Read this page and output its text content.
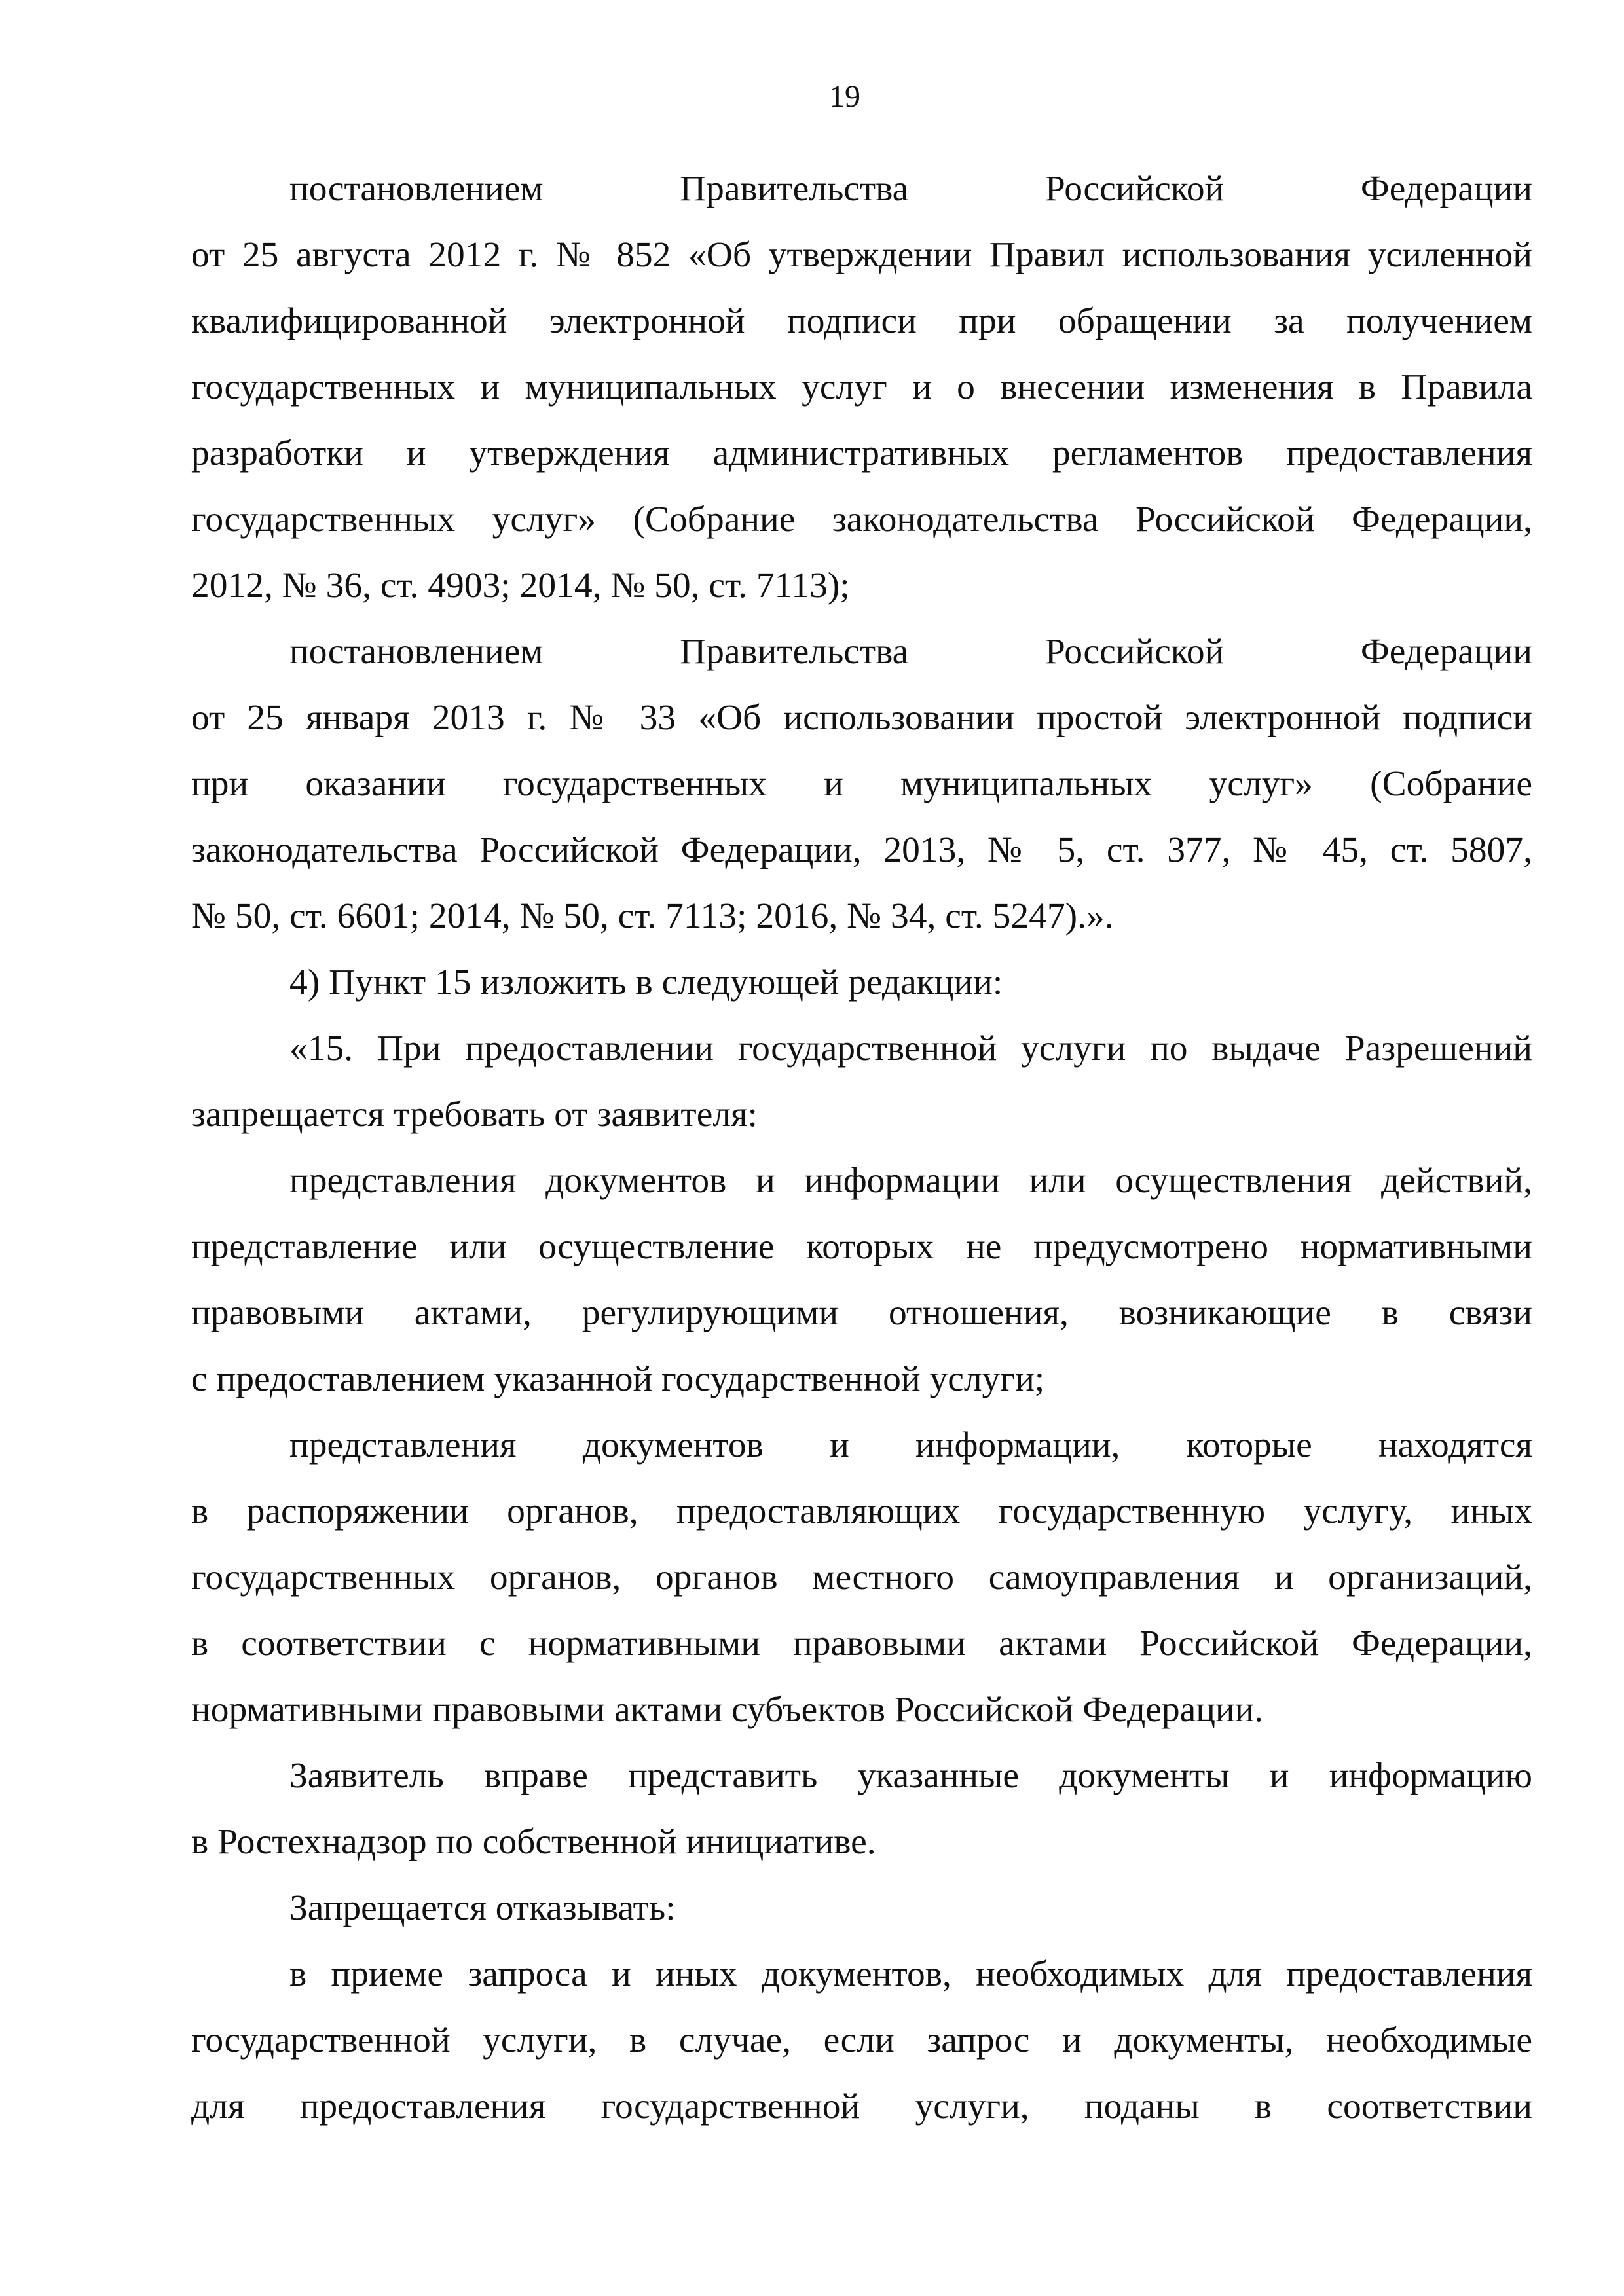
19
постановлением Правительства Российской Федерации
от 25 августа 2012 г. № 852 «Об утверждении Правил использования усиленной
квалифицированной электронной подписи при обращении за получением
государственных и муниципальных услуг и о внесении изменения в Правила
разработки и утверждения административных регламентов предоставления
государственных услуг» (Собрание законодательства Российской Федерации,
2012, № 36, ст. 4903; 2014, № 50, ст. 7113);
постановлением Правительства Российской Федерации
от 25 января 2013 г. № 33 «Об использовании простой электронной подписи
при оказании государственных и муниципальных услуг» (Собрание
законодательства Российской Федерации, 2013, № 5, ст. 377, № 45, ст. 5807,
№ 50, ст. 6601; 2014, № 50, ст. 7113; 2016, № 34, ст. 5247).».
4) Пункт 15 изложить в следующей редакции:
«15. При предоставлении государственной услуги по выдаче Разрешений
запрещается требовать от заявителя:
представления документов и информации или осуществления действий,
представление или осуществление которых не предусмотрено нормативными
правовыми актами, регулирующими отношения, возникающие в связи
с предоставлением указанной государственной услуги;
представления документов и информации, которые находятся
в распоряжении органов, предоставляющих государственную услугу, иных
государственных органов, органов местного самоуправления и организаций,
в соответствии с нормативными правовыми актами Российской Федерации,
нормативными правовыми актами субъектов Российской Федерации.
Заявитель вправе представить указанные документы и информацию
в Ростехнадзор по собственной инициативе.
Запрещается отказывать:
в приеме запроса и иных документов, необходимых для предоставления
государственной услуги, в случае, если запрос и документы, необходимые
для предоставления государственной услуги, поданы в соответствии
